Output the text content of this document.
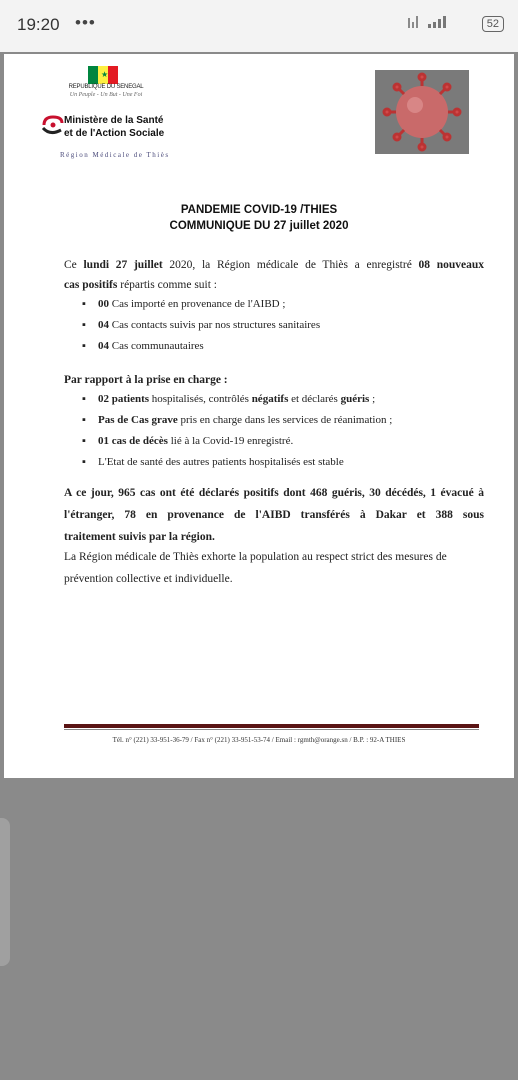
19:20 •••	52
★
REPUBLIQUE DU SENEGAL
Un Peuple - Un But - Une Foi
Ministère de la Santé
et de l'Action Sociale
Région Médicale de Thiès
PANDEMIE COVID-19 /THIES
COMMUNIQUE DU 27 juillet 2020
Ce lundi 27 juillet 2020, la Région médicale de Thiès a enregistré 08 nouveaux
cas positifs répartis comme suit :
▪ 00 Cas importé en provenance de l'AIBD ;
▪ 04 Cas contacts suivis par nos structures sanitaires
▪ 04 Cas communautaires
Par rapport à la prise en charge :
▪ 02 patients hospitalisés, contrôlés négatifs et déclarés guéris ;
▪ Pas de Cas grave pris en charge dans les services de réanimation ;
▪ 01 cas de décès lié à la Covid-19 enregistré.
▪ L'Etat de santé des autres patients hospitalisés est stable
A ce jour, 965 cas ont été déclarés positifs dont 468 guéris, 30 décédés, 1 évacué à
l'étranger, 78 en provenance de l'AIBD transférés à Dakar et 388 sous
traitement suivis par la région.
La Région médicale de Thiès exhorte la population au respect strict des mesures de
prévention collective et individuelle.
Tél. n° (221) 33-951-36-79 / Fax n° (221) 33-951-53-74 / Email : rgmth@orange.sn / B.P. : 92-A THIES
